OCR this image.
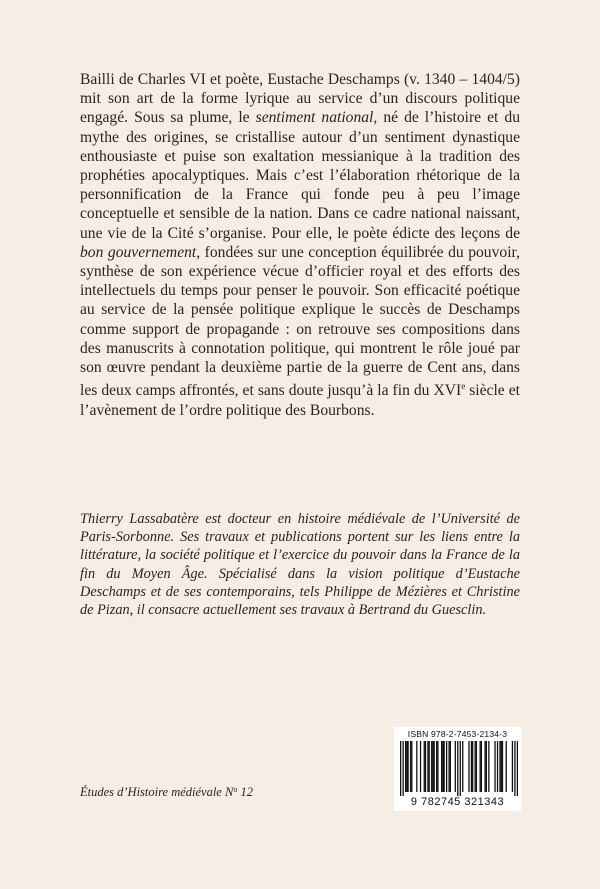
Bailli de Charles VI et poète, Eustache Deschamps (v. 1340 – 1404/5) mit son art de la forme lyrique au service d’un discours politique engagé. Sous sa plume, le sentiment national, né de l’histoire et du mythe des origines, se cristallise autour d’un sentiment dynastique enthousiaste et puise son exaltation messianique à la tradition des prophéties apocalyptiques. Mais c’est l’élaboration rhétorique de la personnification de la France qui fonde peu à peu l’image conceptuelle et sensible de la nation. Dans ce cadre national naissant, une vie de la Cité s’organise. Pour elle, le poète édicte des leçons de bon gouvernement, fondées sur une conception équilibrée du pouvoir, synthèse de son expérience vécue d’officier royal et des efforts des intellectuels du temps pour penser le pouvoir. Son efficacité poétique au service de la pensée politique explique le succès de Deschamps comme support de propagande : on retrouve ses compositions dans des manuscrits à connotation politique, qui montrent le rôle joué par son œuvre pendant la deuxième partie de la guerre de Cent ans, dans les deux camps affrontés, et sans doute jusqu’à la fin du XVIe siècle et l’avènement de l’ordre politique des Bourbons.

Thierry Lassabatère est docteur en histoire médiévale de l’Université de Paris-Sorbonne. Ses travaux et publications portent sur les liens entre la littérature, la société politique et l’exercice du pouvoir dans la France de la fin du Moyen Âge. Spécialisé dans la vision politique d’Eustache Deschamps et de ses contemporains, tels Philippe de Mézières et Christine de Pizan, il consacre actuellement ses travaux à Bertrand du Guesclin.

Études d’Histoire médiévale $N^o$ 12
ISBN 978-2-7453-2134-3
9 782745 321343
